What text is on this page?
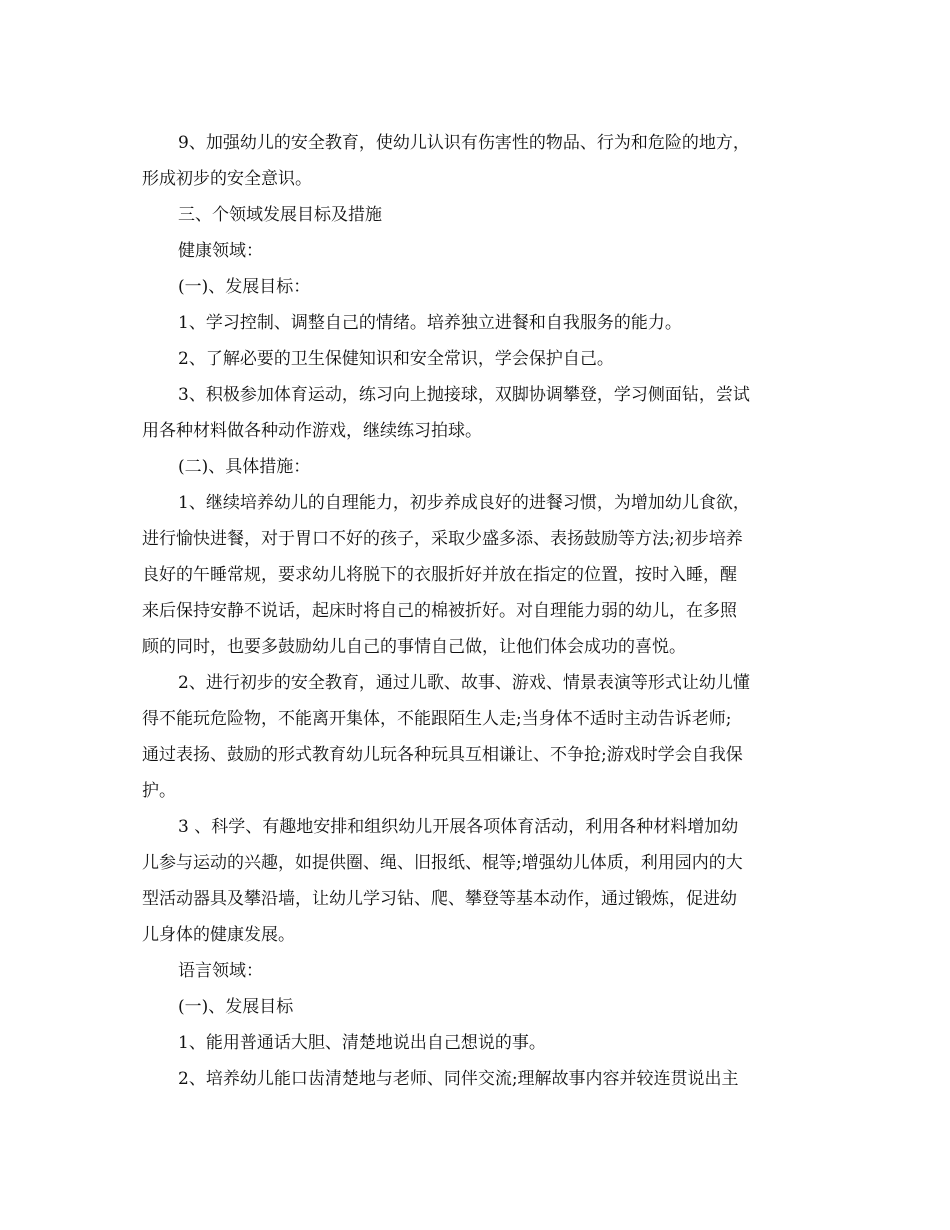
9、加强幼儿的安全教育，使幼儿认识有伤害性的物品、行为和危险的地方，
形成初步的安全意识。
三、个领域发展目标及措施
健康领域：
(一)、发展目标：
1、学习控制、调整自己的情绪。培养独立进餐和自我服务的能力。
2、了解必要的卫生保健知识和安全常识，学会保护自己。
3、积极参加体育运动，练习向上抛接球，双脚协调攀登，学习侧面钻，尝试
用各种材料做各种动作游戏，继续练习拍球。
(二)、具体措施：
1、继续培养幼儿的自理能力，初步养成良好的进餐习惯，为增加幼儿食欲，
进行愉快进餐，对于胃口不好的孩子，采取少盛多添、表扬鼓励等方法;初步培养
良好的午睡常规，要求幼儿将脱下的衣服折好并放在指定的位置，按时入睡，醒
来后保持安静不说话，起床时将自己的棉被折好。对自理能力弱的幼儿，在多照
顾的同时，也要多鼓励幼儿自己的事情自己做，让他们体会成功的喜悦。
2、进行初步的安全教育，通过儿歌、故事、游戏、情景表演等形式让幼儿懂
得不能玩危险物，不能离开集体，不能跟陌生人走;当身体不适时主动告诉老师;
通过表扬、鼓励的形式教育幼儿玩各种玩具互相谦让、不争抢;游戏时学会自我保
护。
3 、科学、有趣地安排和组织幼儿开展各项体育活动，利用各种材料增加幼
儿参与运动的兴趣，如提供圈、绳、旧报纸、棍等;增强幼儿体质，利用园内的大
型活动器具及攀沿墙，让幼儿学习钻、爬、攀登等基本动作，通过锻炼，促进幼
儿身体的健康发展。
语言领域：
(一)、发展目标
1、能用普通话大胆、清楚地说出自己想说的事。
2、培养幼儿能口齿清楚地与老师、同伴交流;理解故事内容并较连贯说出主
